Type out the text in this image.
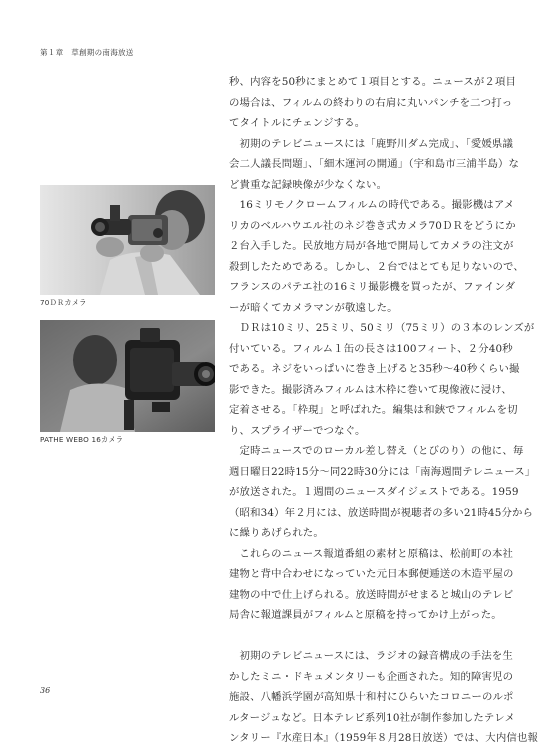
第１章　草創期の南海放送
70ＤＲカメラ
PATHE WEBO 16カメラ
秒、内容を50秒にまとめて１項目とする。ニュースが２項目
の場合は、フィルムの終わりの右肩に丸いパンチを二つ打っ
てタイトルにチェンジする。
　初期のテレビニュースには「鹿野川ダム完成」、「愛媛県議
会二人議長問題」、「細木運河の開通」（宇和島市三浦半島）な
ど貴重な記録映像が少なくない。
　16ミリモノクロームフィルムの時代である。撮影機はアメ
リカのベルハウエル社のネジ巻き式カメラ70ＤＲをどうにか
２台入手した。民放地方局が各地で開局してカメラの注文が
殺到したためである。しかし、２台ではとても足りないので、
フランスのパテエ社の16ミリ撮影機を買ったが、ファインダ
ーが暗くてカメラマンが敬遠した。
　ＤＲは10ミリ、25ミリ、50ミリ（75ミリ）の３本のレンズが
付いている。フィルム１缶の長さは100フィート、２分40秒
である。ネジをいっぱいに巻き上げると35秒〜40秒くらい撮
影できた。撮影済みフィルムは木枠に巻いて現像液に浸け、
定着させる。「枠現」と呼ばれた。編集は和鋏でフィルムを切
り、スプライザーでつなぐ。
　定時ニュースでのローカル差し替え（とびのり）の他に、毎
週日曜日22時15分〜同22時30分には「南海週間テレニュース」
が放送された。１週間のニュースダイジェストである。1959
（昭和34）年２月には、放送時間が視聴者の多い21時45分から
に繰りあげられた。
　これらのニュース報道番組の素材と原稿は、松前町の本社
建物と背中合わせになっていた元日本郵便逓送の木造平屋の
建物の中で仕上げられる。放送時間がせまると城山のテレビ
局舎に報道課員がフィルムと原稿を持ってかけ上がった。
　初期のテレビニュースには、ラジオの録音構成の手法を生
かしたミニ・ドキュメンタリーも企画された。知的障害児の
施設、八幡浜学園が高知県十和村にひらいたコロニーのルポ
ルタージュなど。日本テレビ系列10社が制作参加したテレメ
ンタリー『水産日本』（1959年８月28日放送）では、大内信也報
36
